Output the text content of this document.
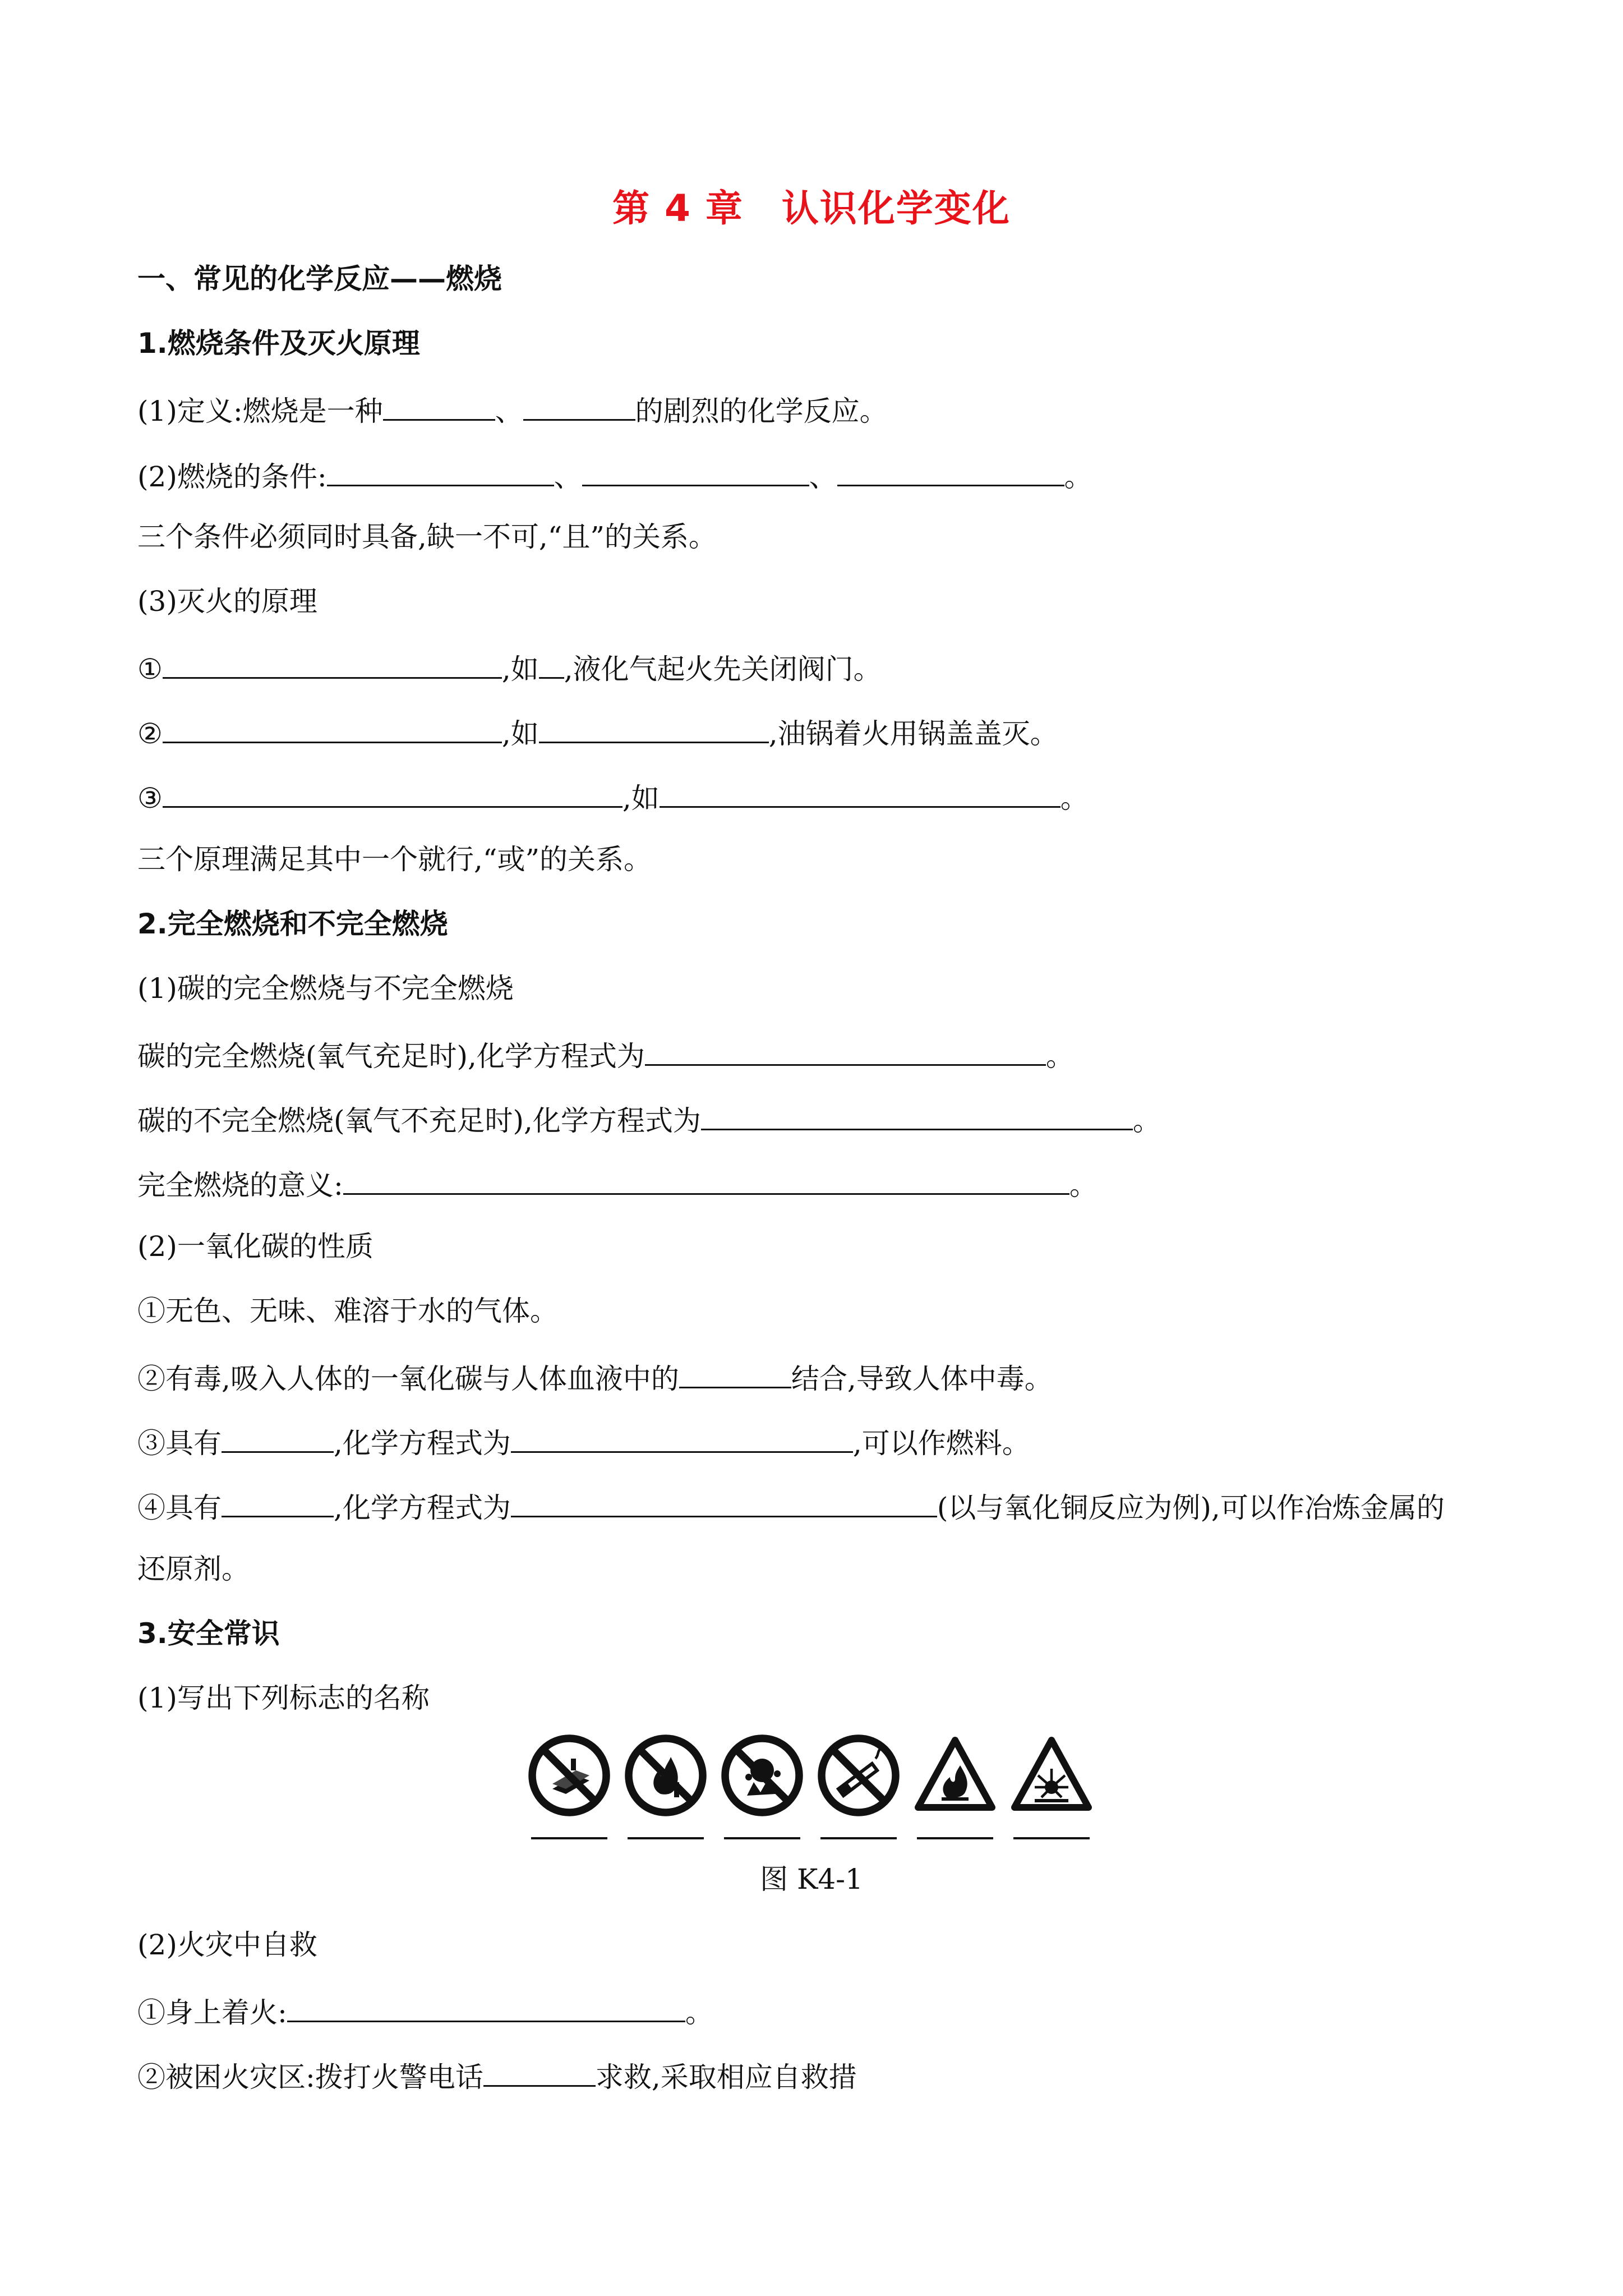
第 4 章　认识化学变化
一、常见的化学反应——燃烧
1.燃烧条件及灭火原理
(1)定义:燃烧是一种	、	的剧烈的化学反应。
(2)燃烧的条件:	、	、	。
三个条件必须同时具备,缺一不可,“且”的关系。
(3)灭火的原理
①	,如 ,液化气起火先关闭阀门。
②	,如	,油锅着火用锅盖盖灭。
③	,如	。
三个原理满足其中一个就行,“或”的关系。
2.完全燃烧和不完全燃烧
(1)碳的完全燃烧与不完全燃烧
碳的完全燃烧(氧气充足时),化学方程式为	。
碳的不完全燃烧(氧气不充足时),化学方程式为	。
完全燃烧的意义:	。
(2)一氧化碳的性质
①无色、无味、难溶于水的气体。
②有毒,吸入人体的一氧化碳与人体血液中的	结合,导致人体中毒。
③具有	,化学方程式为	,可以作燃料。
④具有	,化学方程式为	(以与氧化铜反应为例),可以作冶炼金属的
还原剂。
3.安全常识
(1)写出下列标志的名称
图 K4-1
(2)火灾中自救
①身上着火:	。
②被困火灾区:拨打火警电话	求救,采取相应自救措
